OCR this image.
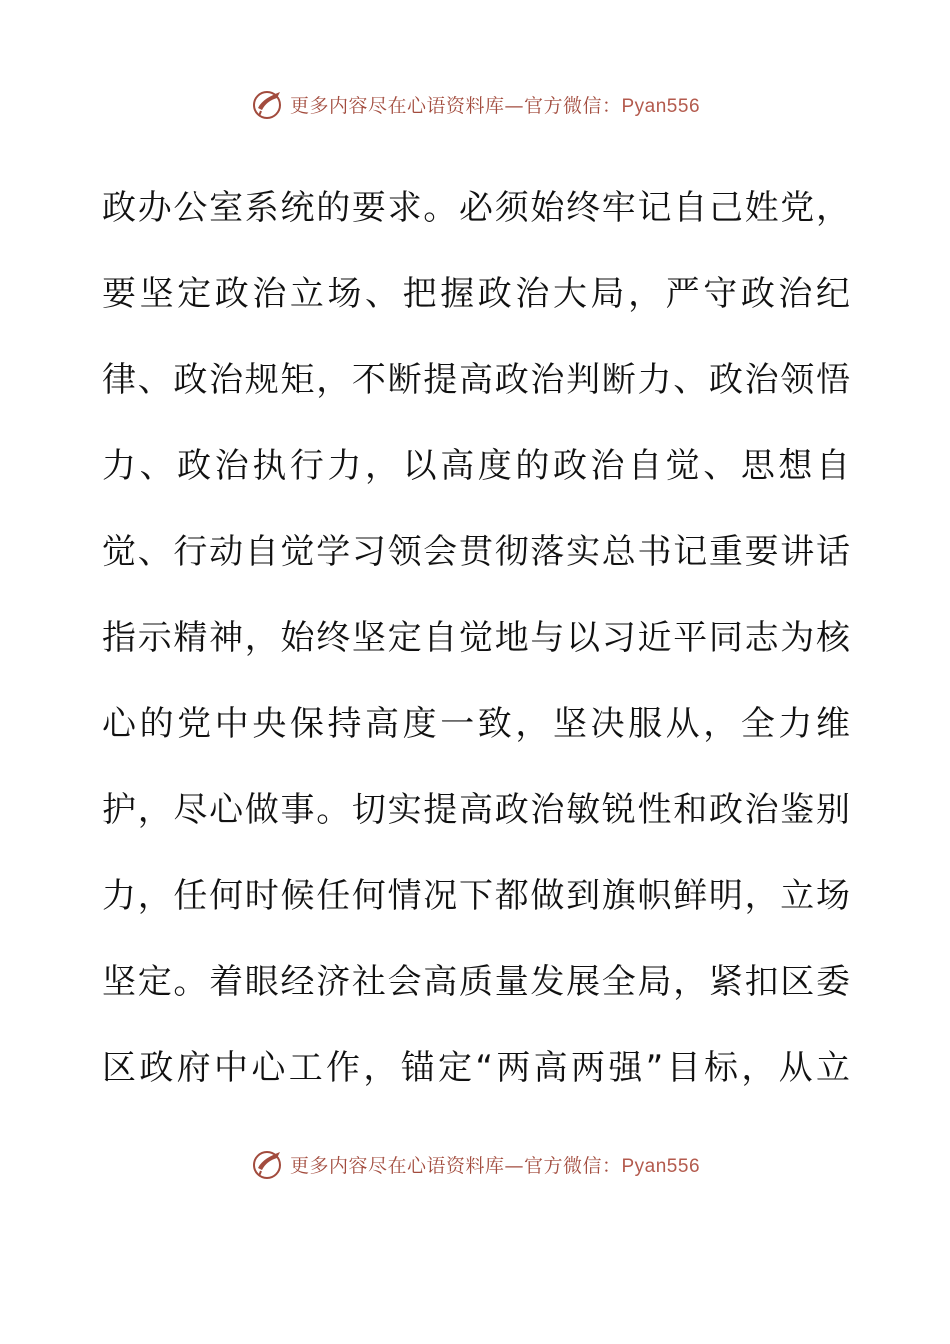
更多内容尽在心语资料库—官方微信：Pyan556
政办公室系统的要求。必须始终牢记自己姓党，
要坚定政治立场、把握政治大局，严守政治纪
律、政治规矩，不断提高政治判断力、政治领悟
力、政治执行力，以高度的政治自觉、思想自
觉、行动自觉学习领会贯彻落实总书记重要讲话
指示精神，始终坚定自觉地与以习近平同志为核
心的党中央保持高度一致，坚决服从，全力维
护，尽心做事。切实提高政治敏锐性和政治鉴别
力，任何时候任何情况下都做到旗帜鲜明，立场
坚定。着眼经济社会高质量发展全局，紧扣区委
区政府中心工作，锚定“两高两强”目标，从立
更多内容尽在心语资料库—官方微信：Pyan556
